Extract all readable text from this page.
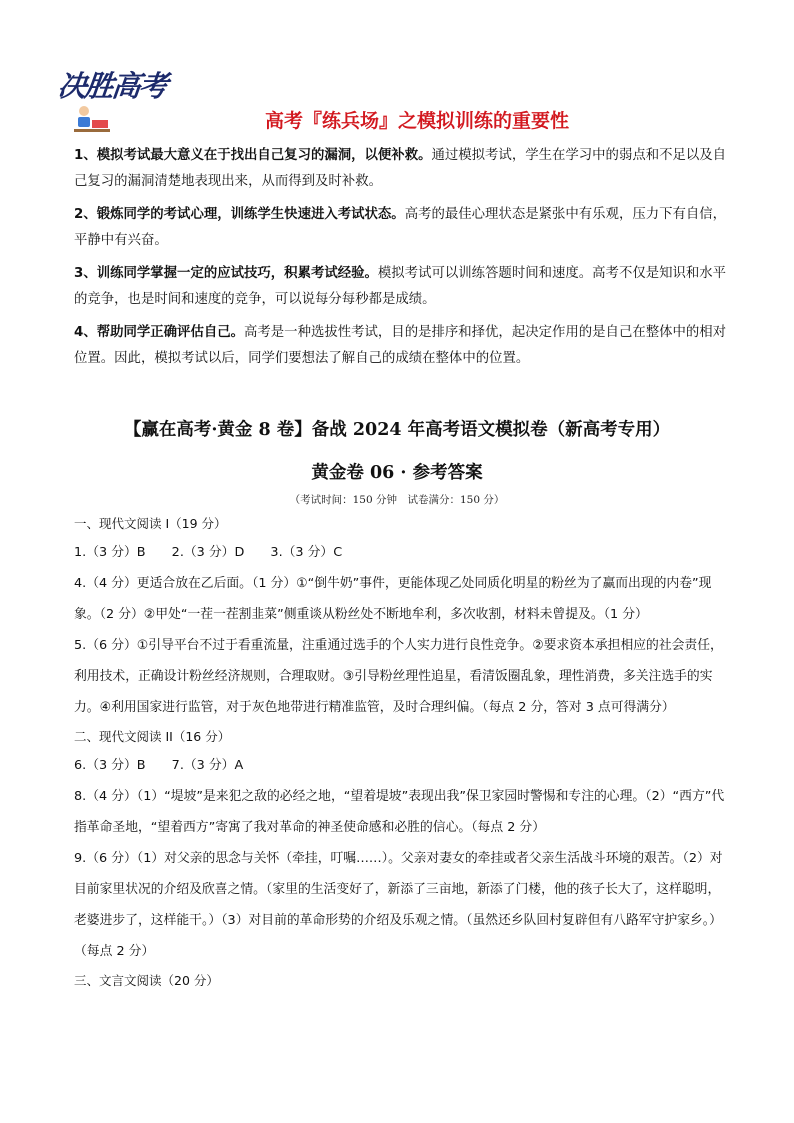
决胜高考
高考『练兵场』之模拟训练的重要性

1、模拟考试最大意义在于找出自己复习的漏洞，以便补救。通过模拟考试，学生在学习中的弱点和不足以及自己复习的漏洞清楚地表现出来，从而得到及时补救。

2、锻炼同学的考试心理，训练学生快速进入考试状态。高考的最佳心理状态是紧张中有乐观，压力下有自信，平静中有兴奋。

3、训练同学掌握一定的应试技巧，积累考试经验。模拟考试可以训练答题时间和速度。高考不仅是知识和水平的竞争，也是时间和速度的竞争，可以说每分每秒都是成绩。

4、帮助同学正确评估自己。高考是一种选拔性考试，目的是排序和择优，起决定作用的是自己在整体中的相对位置。因此，模拟考试以后，同学们要想法了解自己的成绩在整体中的位置。

【赢在高考·黄金 8 卷】备战 2024 年高考语文模拟卷（新高考专用）
黄金卷 06 · 参考答案
（考试时间：150 分钟　试卷满分：150 分）

一、现代文阅读 I（19 分）

1.（3 分）B 2.（3 分）D 3.（3 分）C

4.（4 分）更适合放在乙后面。（1 分）①“倒牛奶”事件，更能体现乙处同质化明星的粉丝为了赢而出现的内卷”现象。（2 分）②甲处“一茬一茬割韭菜”侧重谈从粉丝处不断地牟利，多次收割，材料未曾提及。（1 分）

5.（6 分）①引导平台不过于看重流量，注重通过选手的个人实力进行良性竞争。②要求资本承担相应的社会责任，利用技术，正确设计粉丝经济规则，合理取财。③引导粉丝理性追星，看清饭圈乱象，理性消费，多关注选手的实力。④利用国家进行监管，对于灰色地带进行精准监管，及时合理纠偏。（每点 2 分，答对 3 点可得满分）

二、现代文阅读 II（16 分）

6.（3 分）B 7.（3 分）A

8.（4 分）（1）“堤坡”是来犯之敌的必经之地，“望着堤坡”表现出我”保卫家园时警惕和专注的心理。（2）“西方”代指革命圣地，“望着西方”寄寓了我对革命的神圣使命感和必胜的信心。（每点 2 分）

9.（6 分）（1）对父亲的思念与关怀（牵挂，叮嘱……）。父亲对妻女的牵挂或者父亲生活战斗环境的艰苦。（2）对目前家里状况的介绍及欣喜之情。（家里的生活变好了，新添了三亩地，新添了门楼，他的孩子长大了，这样聪明，老婆进步了，这样能干。）（3）对目前的革命形势的介绍及乐观之情。（虽然还乡队回村复辟但有八路军守护家乡。）（每点 2 分）

三、文言文阅读（20 分）
